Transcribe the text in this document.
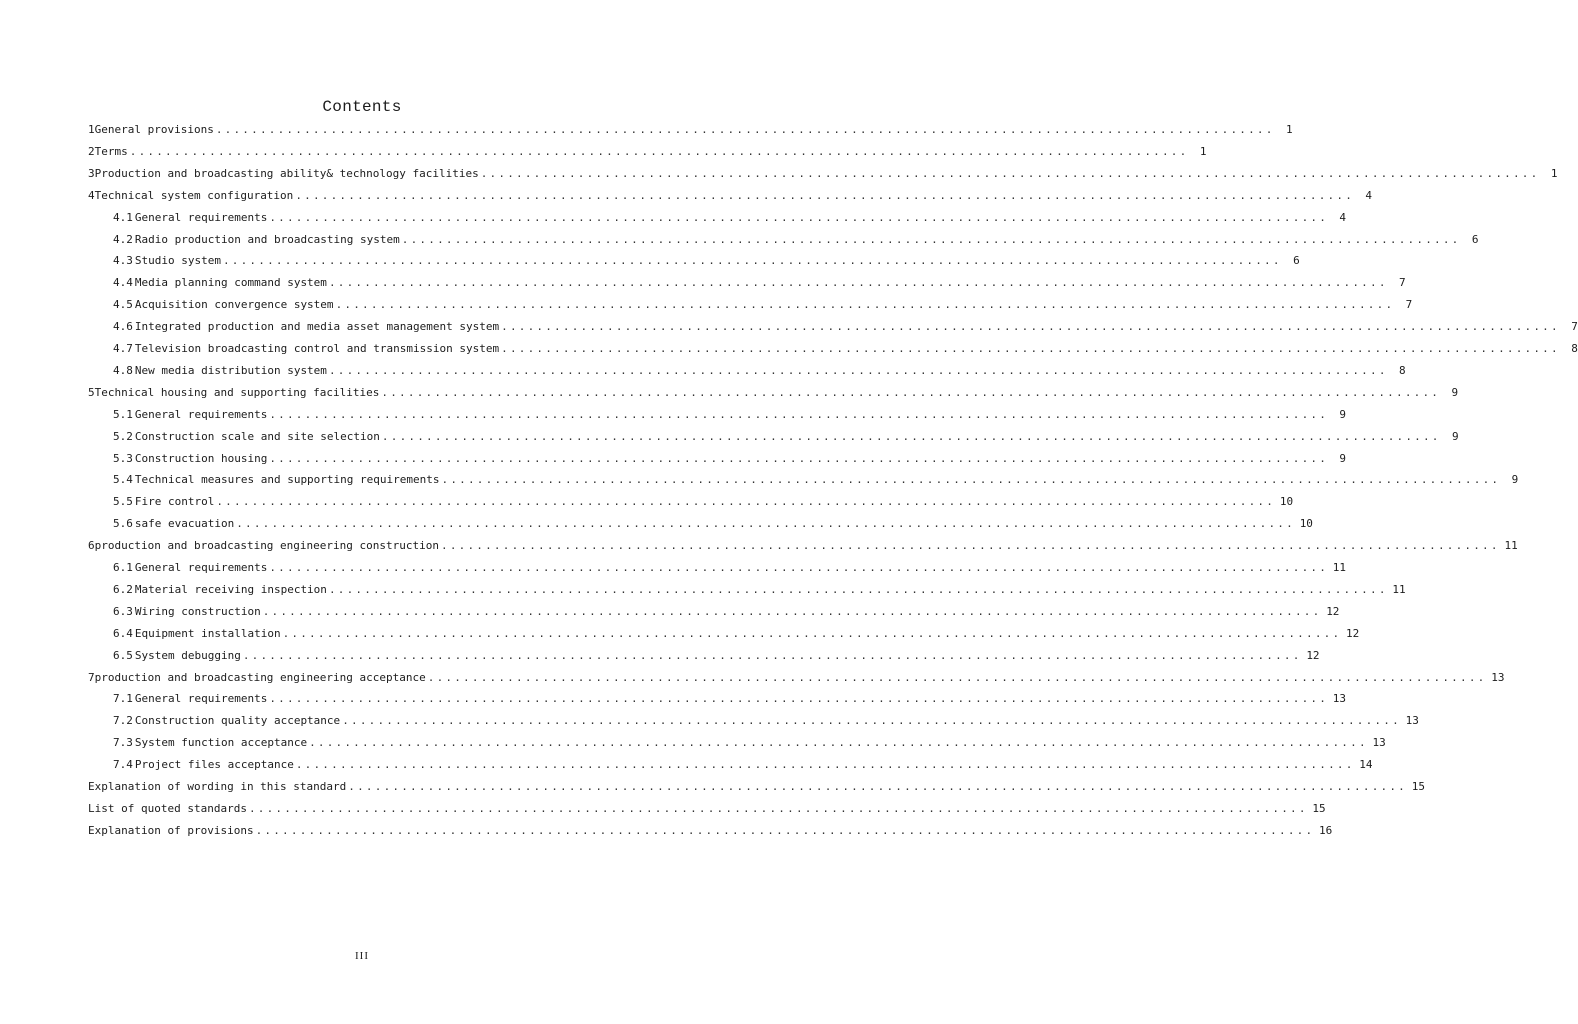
Contents
1 General provisions ........................................................................................................................	1
2 Terms ........................................................................................................................	1
3 Production and broadcasting ability& technology facilities ........................................................................................................................	1
4 Technical system configuration ........................................................................................................................	4
4.1 General requirements ........................................................................................................................	4
4.2 Radio production and broadcasting system ........................................................................................................................	6
4.3 Studio system ........................................................................................................................	6
4.4 Media planning command system ........................................................................................................................	7
4.5 Acquisition convergence system ........................................................................................................................	7
4.6 Integrated production and media asset management system ........................................................................................................................	7
4.7 Television broadcasting control and transmission system ........................................................................................................................	8
4.8 New media distribution system ........................................................................................................................	8
5 Technical housing and supporting facilities ........................................................................................................................	9
5.1 General requirements ........................................................................................................................	9
5.2 Construction scale and site selection ........................................................................................................................	9
5.3 Construction housing ........................................................................................................................	9
5.4 Technical measures and supporting requirements ........................................................................................................................	9
5.5 Fire control ........................................................................................................................ 10
5.6 safe evacuation ........................................................................................................................ 10
6 production and broadcasting engineering construction ........................................................................................................................ 11
6.1 General requirements ........................................................................................................................ 11
6.2 Material receiving inspection ........................................................................................................................ 11
6.3 Wiring construction ........................................................................................................................ 12
6.4 Equipment installation ........................................................................................................................ 12
6.5 System debugging ........................................................................................................................ 12
7 production and broadcasting engineering acceptance ........................................................................................................................ 13
7.1 General requirements ........................................................................................................................ 13
7.2 Construction quality acceptance ........................................................................................................................ 13
7.3 System function acceptance ........................................................................................................................ 13
7.4 Project files acceptance ........................................................................................................................ 14
Explanation of wording in this standard ........................................................................................................................ 15
List of quoted standards ........................................................................................................................ 15
Explanation of provisions ........................................................................................................................ 16
III
